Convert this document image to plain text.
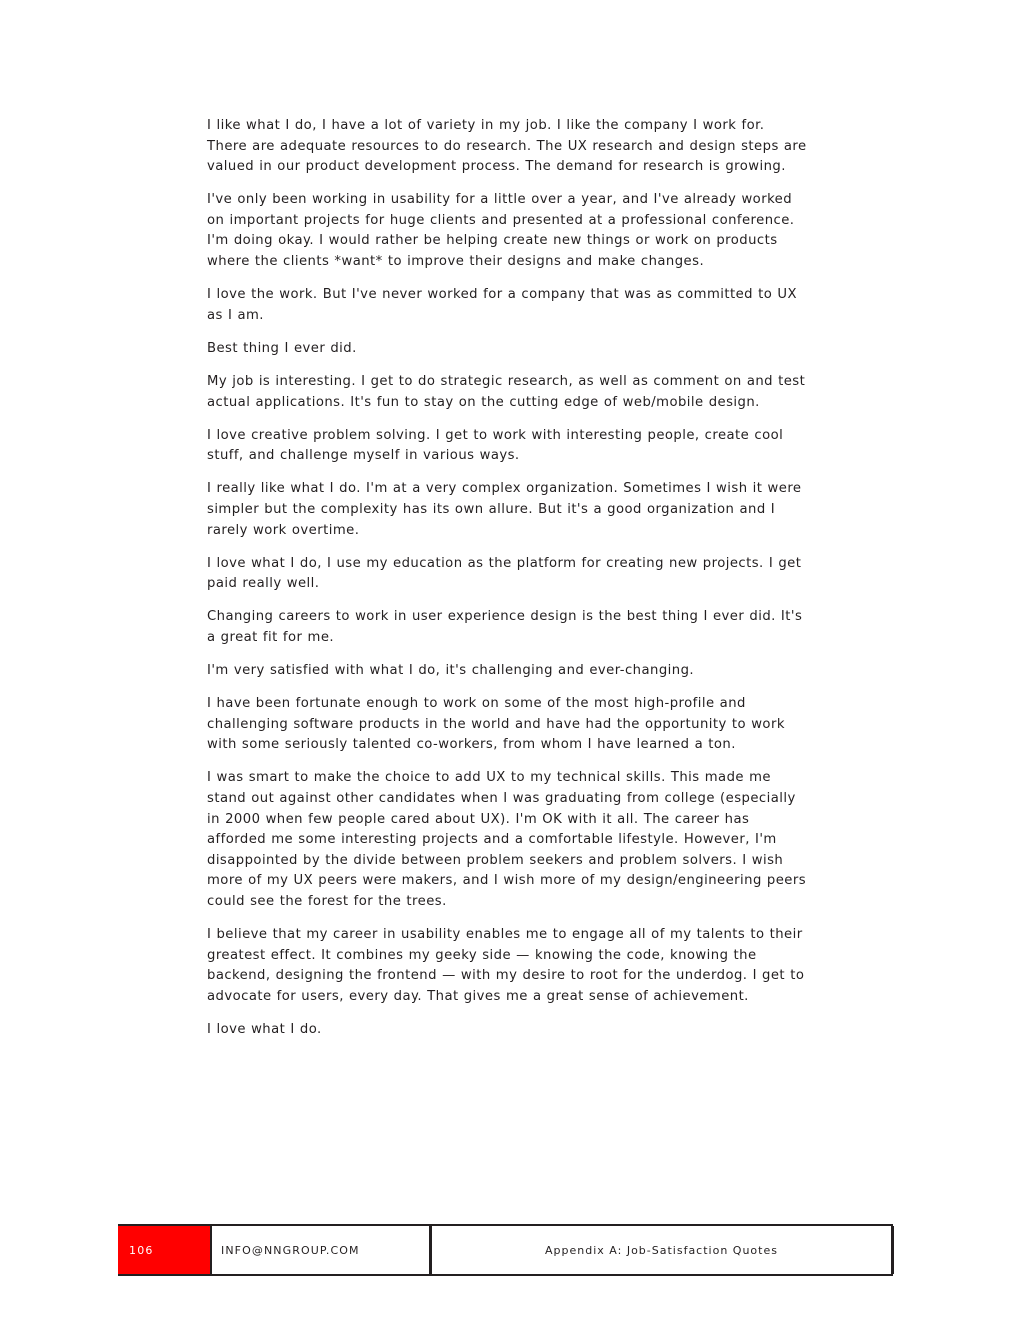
I like what I do, I have a lot of variety in my job. I like the company I work for. There are adequate resources to do research. The UX research and design steps are valued in our product development process. The demand for research is growing.

I've only been working in usability for a little over a year, and I've already worked on important projects for huge clients and presented at a professional conference. I'm doing okay. I would rather be helping create new things or work on products where the clients *want* to improve their designs and make changes.

I love the work. But I've never worked for a company that was as committed to UX as I am.

Best thing I ever did.

My job is interesting. I get to do strategic research, as well as comment on and test actual applications. It's fun to stay on the cutting edge of web/mobile design.

I love creative problem solving. I get to work with interesting people, create cool stuff, and challenge myself in various ways.

I really like what I do. I'm at a very complex organization. Sometimes I wish it were simpler but the complexity has its own allure. But it's a good organization and I rarely work overtime.

I love what I do, I use my education as the platform for creating new projects. I get paid really well.

Changing careers to work in user experience design is the best thing I ever did. It's a great fit for me.

I'm very satisfied with what I do, it's challenging and ever-changing.

I have been fortunate enough to work on some of the most high-profile and challenging software products in the world and have had the opportunity to work with some seriously talented co-workers, from whom I have learned a ton.

I was smart to make the choice to add UX to my technical skills. This made me stand out against other candidates when I was graduating from college (especially in 2000 when few people cared about UX). I'm OK with it all. The career has afforded me some interesting projects and a comfortable lifestyle. However, I'm disappointed by the divide between problem seekers and problem solvers. I wish more of my UX peers were makers, and I wish more of my design/engineering peers could see the forest for the trees.

I believe that my career in usability enables me to engage all of my talents to their greatest effect. It combines my geeky side — knowing the code, knowing the backend, designing the frontend — with my desire to root for the underdog. I get to advocate for users, every day. That gives me a great sense of achievement.

I love what I do.

106	INFO@NNGROUP.COM	Appendix A: Job-Satisfaction Quotes
